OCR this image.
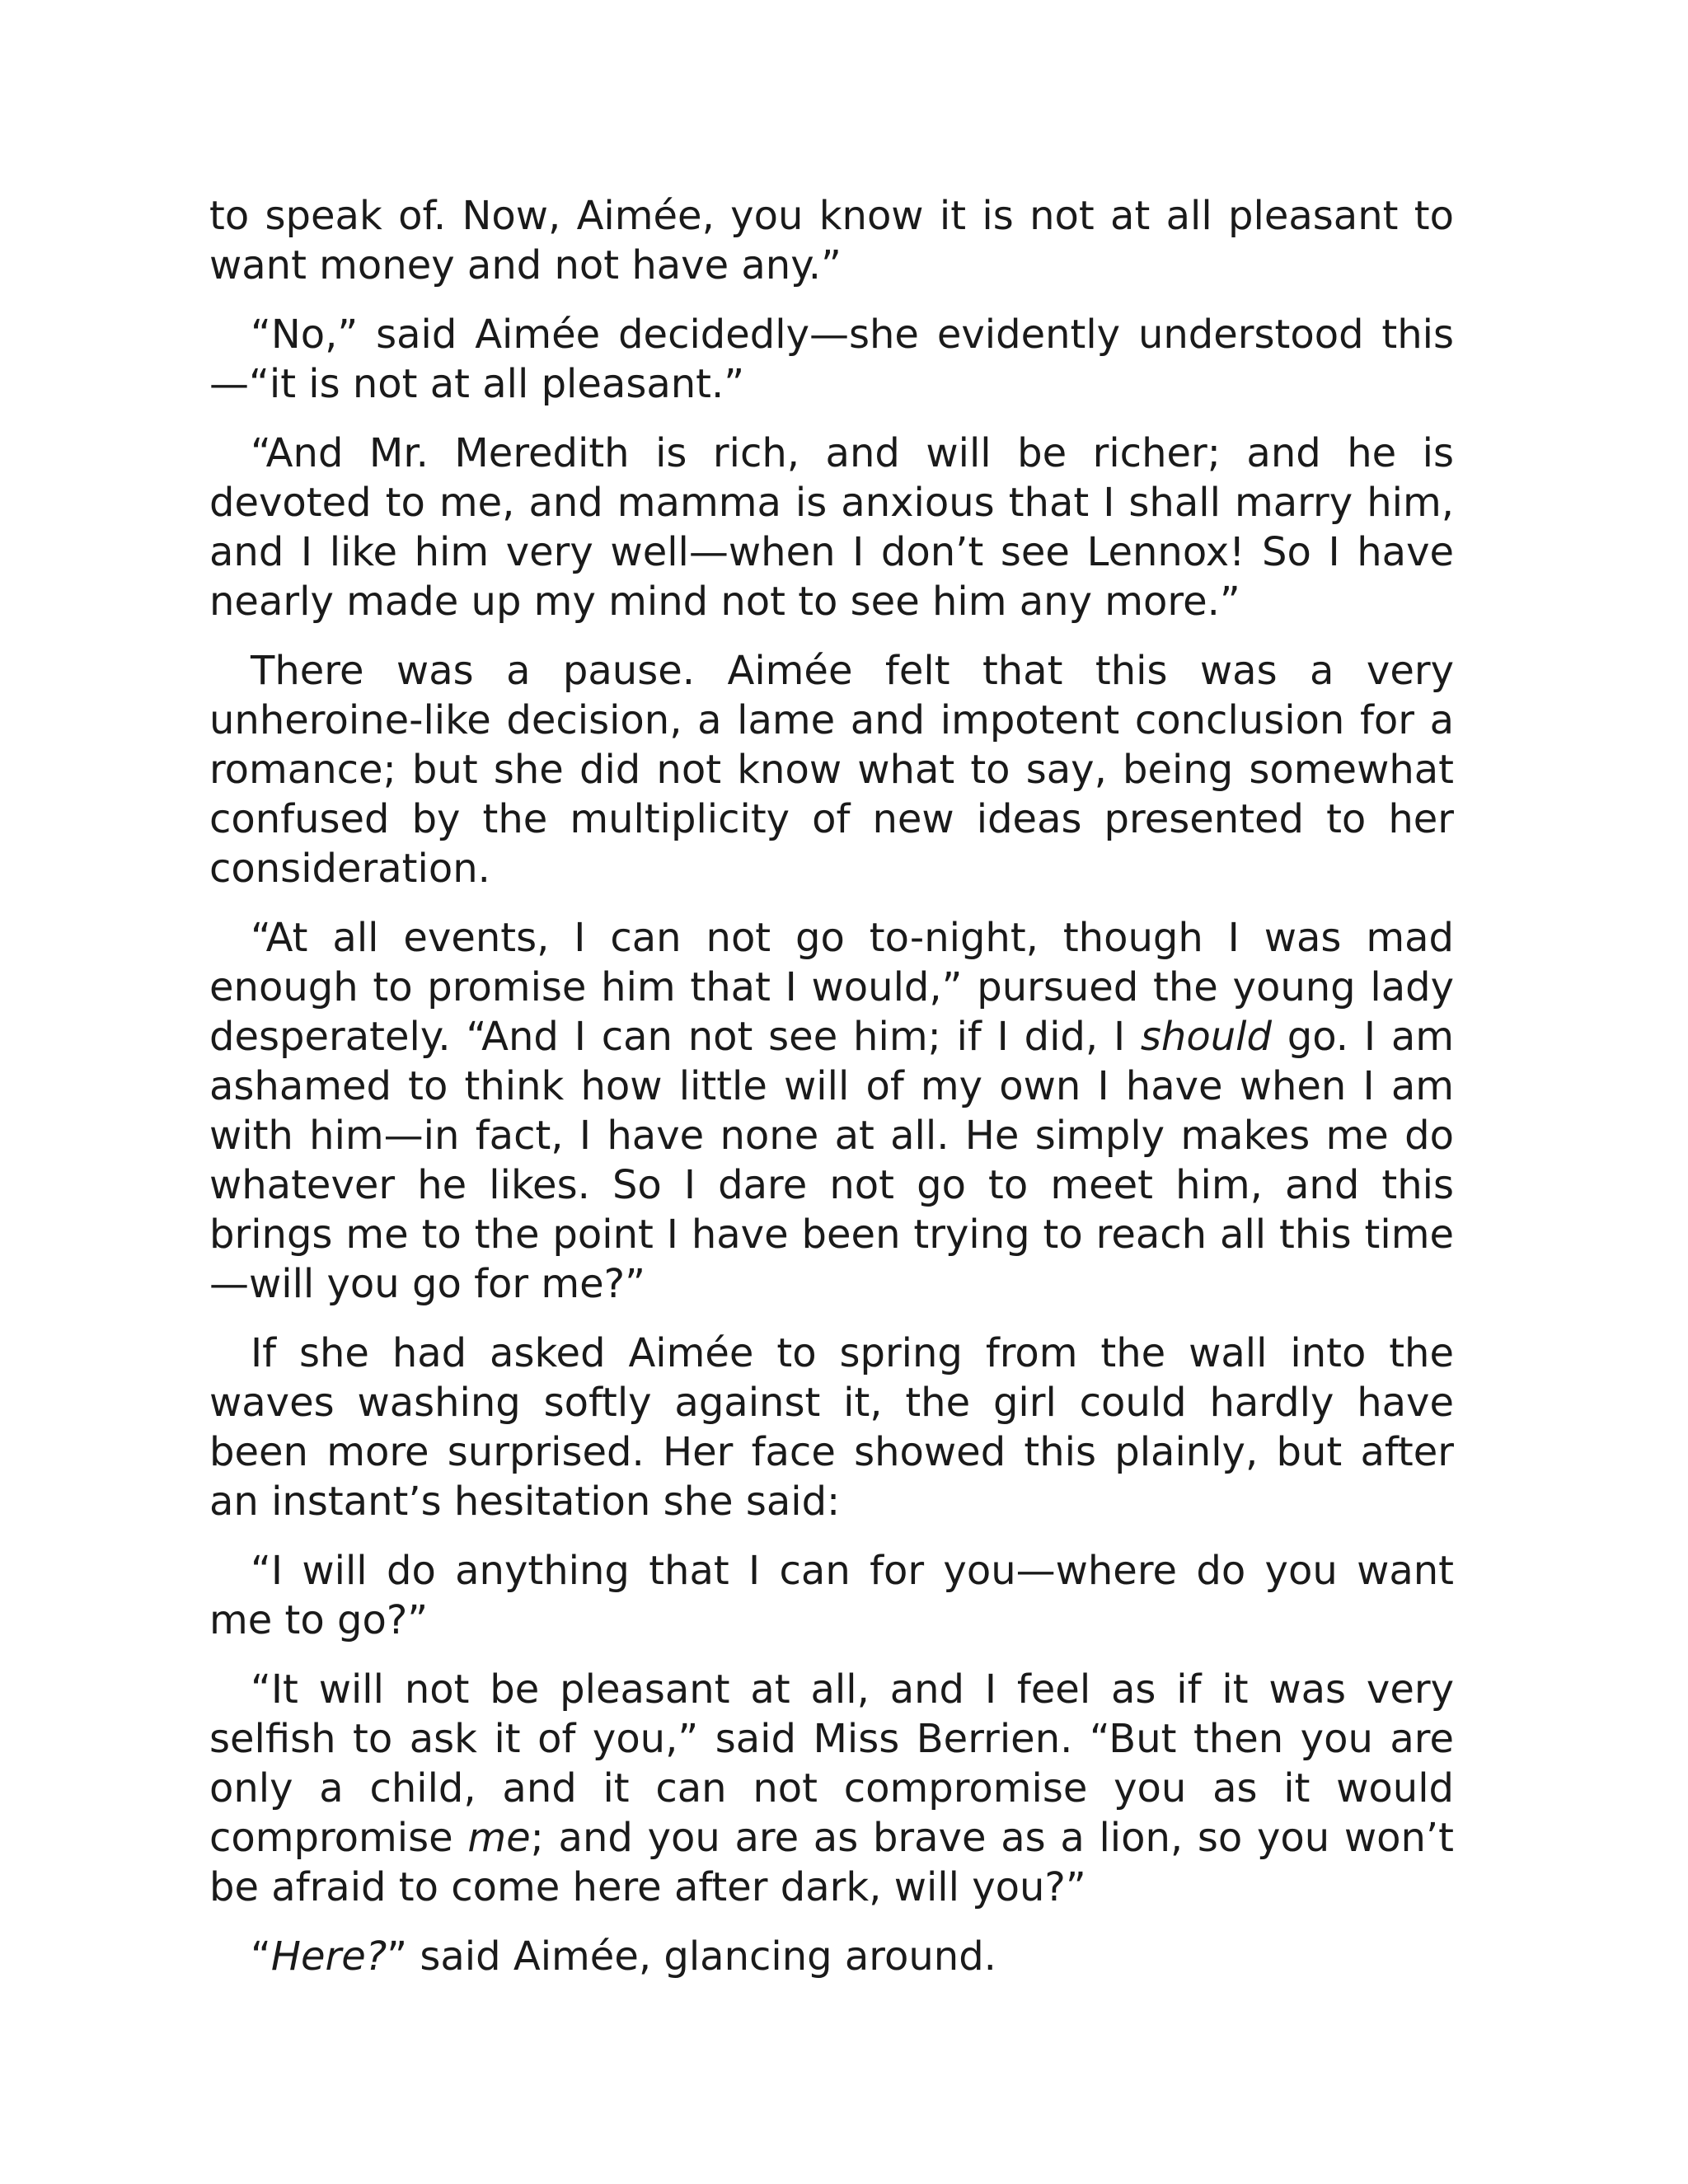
to speak of. Now, Aimée, you know it is not at all pleasant to want money and not have any.”

“No,” said Aimée decidedly—she evidently understood this—“it is not at all pleasant.”

“And Mr. Meredith is rich, and will be richer; and he is devoted to me, and mamma is anxious that I shall marry him, and I like him very well—when I don’t see Lennox! So I have nearly made up my mind not to see him any more.”

There was a pause. Aimée felt that this was a very unheroine-like decision, a lame and impotent conclusion for a romance; but she did not know what to say, being somewhat confused by the multiplicity of new ideas presented to her consideration.

“At all events, I can not go to-night, though I was mad enough to promise him that I would,” pursued the young lady desperately. “And I can not see him; if I did, I should go. I am ashamed to think how little will of my own I have when I am with him—in fact, I have none at all. He simply makes me do whatever he likes. So I dare not go to meet him, and this brings me to the point I have been trying to reach all this time—will you go for me?”

If she had asked Aimée to spring from the wall into the waves washing softly against it, the girl could hardly have been more surprised. Her face showed this plainly, but after an instant’s hesitation she said:

“I will do anything that I can for you—where do you want me to go?”

“It will not be pleasant at all, and I feel as if it was very selfish to ask it of you,” said Miss Berrien. “But then you are only a child, and it can not compromise you as it would compromise me; and you are as brave as a lion, so you won’t be afraid to come here after dark, will you?”

“Here?” said Aimée, glancing around.
